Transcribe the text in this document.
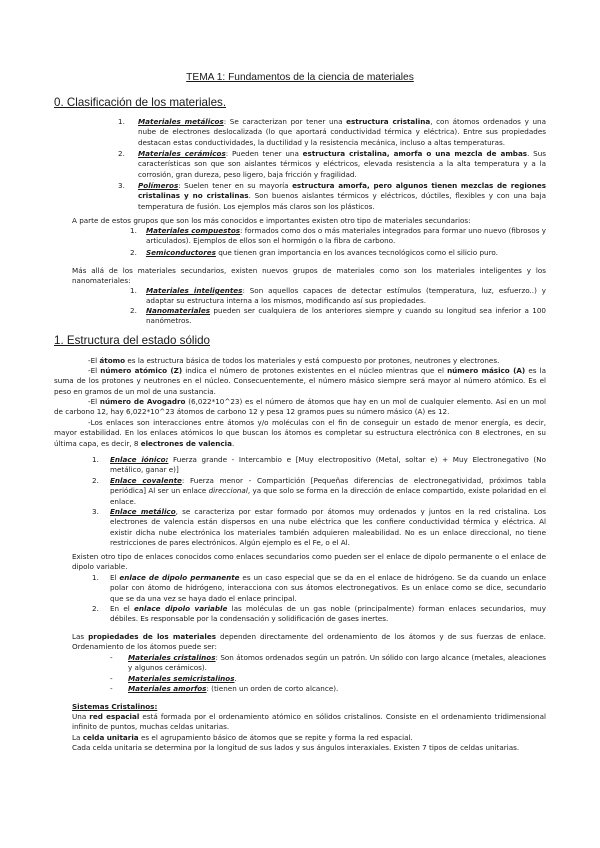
TEMA 1: Fundamentos de la ciencia de materiales
0. Clasificación de los materiales.
1. Materiales metálicos: Se caracterizan por tener una estructura cristalina, con átomos ordenados y una nube de electrones deslocalizada (lo que aportará conductividad térmica y eléctrica). Entre sus propiedades destacan estas conductividades, la ductilidad y la resistencia mecánica, incluso a altas temperaturas.
2. Materiales cerámicos: Pueden tener una estructura cristalina, amorfa o una mezcla de ambas. Sus características son que son aislantes térmicos y eléctricos, elevada resistencia a la alta temperatura y a la corrosión, gran dureza, peso ligero, baja fricción y fragilidad.
3. Polímeros: Suelen tener en su mayoría estructura amorfa, pero algunos tienen mezclas de regiones cristalinas y no cristalinas. Son buenos aislantes térmicos y eléctricos, dúctiles, flexibles y con una baja temperatura de fusión. Los ejemplos más claros son los plásticos.
A parte de estos grupos que son los más conocidos e importantes existen otro tipo de materiales secundarios:
1. Materiales compuestos: formados como dos o más materiales integrados para formar uno nuevo (fibrosos y articulados). Ejemplos de ellos son el hormigón o la fibra de carbono.
2. Semiconductores que tienen gran importancia en los avances tecnológicos como el silicio puro.
Más allá de los materiales secundarios, existen nuevos grupos de materiales como son los materiales inteligentes y los nanomateriales:
1. Materiales inteligentes: Son aquellos capaces de detectar estímulos (temperatura, luz, esfuerzo..) y adaptar su estructura interna a los mismos, modificando así sus propiedades.
2. Nanomateriales pueden ser cualquiera de los anteriores siempre y cuando su longitud sea inferior a 100 nanómetros.
1. Estructura del estado sólido
-El átomo es la estructura básica de todos los materiales y está compuesto por protones, neutrones y electrones.
-El número atómico (Z) indica el número de protones existentes en el núcleo mientras que el número másico (A) es la suma de los protones y neutrones en el núcleo. Consecuentemente, el número másico siempre será mayor al número atómico. Es el peso en gramos de un mol de una sustancia.
-El número de Avogadro (6,022*10^23) es el número de átomos que hay en un mol de cualquier elemento. Así en un mol de carbono 12, hay 6,022*10^23 átomos de carbono 12 y pesa 12 gramos pues su número másico (A) es 12.
-Los enlaces son interacciones entre átomos y/o moléculas con el fin de conseguir un estado de menor energía, es decir, mayor estabilidad. En los enlaces atómicos lo que buscan los átomos es completar su estructura electrónica con 8 electrones, en su última capa, es decir, 8 electrones de valencia.
1. Enlace iónico: Fuerza grande - Intercambio e [Muy electropositivo (Metal, soltar e) + Muy Electronegativo (No metálico, ganar e)]
2. Enlace covalente: Fuerza menor - Compartición [Pequeñas diferencias de electronegatividad, próximos tabla periódica] Al ser un enlace direccional, ya que solo se forma en la dirección de enlace compartido, existe polaridad en el enlace.
3. Enlace metálico, se caracteriza por estar formado por átomos muy ordenados y juntos en la red cristalina. Los electrones de valencia están dispersos en una nube eléctrica que les confiere conductividad térmica y eléctrica. Al existir dicha nube electrónica los materiales también adquieren maleabilidad. No es un enlace direccional, no tiene restricciones de pares electrónicos. Algún ejemplo es el Fe, o el Al.
Existen otro tipo de enlaces conocidos como enlaces secundarios como pueden ser el enlace de dipolo permanente o el enlace de dipolo variable.
1. El enlace de dipolo permanente es un caso especial que se da en el enlace de hidrógeno. Se da cuando un enlace polar con átomo de hidrógeno, interacciona con sus átomos electronegativos. Es un enlace como se dice, secundario que se da una vez se haya dado el enlace principal.
2. En el enlace dipolo variable las moléculas de un gas noble (principalmente) forman enlaces secundarios, muy débiles. Es responsable por la condensación y solidificación de gases inertes.
Las propiedades de los materiales dependen directamente del ordenamiento de los átomos y de sus fuerzas de enlace. Ordenamiento de los átomos puede ser:
- Materiales cristalinos: Son átomos ordenados según un patrón. Un sólido con largo alcance (metales, aleaciones y algunos cerámicos).
- Materiales semicristalinos.
- Materiales amorfos: (tienen un orden de corto alcance).
Sistemas Cristalinos:
Una red espacial está formada por el ordenamiento atómico en sólidos cristalinos. Consiste en el ordenamiento tridimensional infinito de puntos, muchas celdas unitarias.
La celda unitaria es el agrupamiento básico de átomos que se repite y forma la red espacial.
Cada celda unitaria se determina por la longitud de sus lados y sus ángulos interaxiales. Existen 7 tipos de celdas unitarias.
